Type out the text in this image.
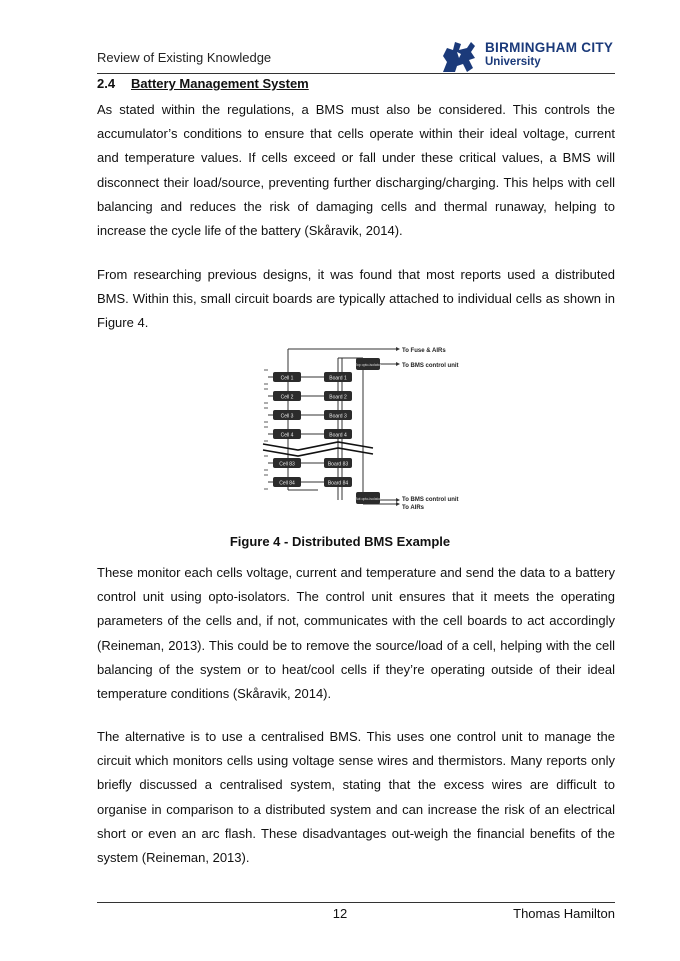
Review of Existing Knowledge
BIRMINGHAM CITY
University
2.4 Battery Management System

As stated within the regulations, a BMS must also be considered. This controls the accumulator’s conditions to ensure that cells operate within their ideal voltage, current and temperature values. If cells exceed or fall under these critical values, a BMS will disconnect their load/source, preventing further discharging/charging. This helps with cell balancing and reduces the risk of damaging cells and thermal runaway, helping to increase the cycle life of the battery (Skåravik, 2014).

From researching previous designs, it was found that most reports used a distributed BMS. Within this, small circuit boards are typically attached to individual cells as shown in Figure 4.

To Fuse & AIRs
To BMS control unit
To BMS control unit
To AIRs
Top opto-isolator
Bot opto-isolator
Cell 1	Board 1
Cell 2	Board 2
Cell 3	Board 3
Cell 4	Board 4
Cell 83	Board 83
Cell 84	Board 84
Figure 4 - Distributed BMS Example

These monitor each cells voltage, current and temperature and send the data to a battery control unit using opto-isolators. The control unit ensures that it meets the operating parameters of the cells and, if not, communicates with the cell boards to act accordingly (Reineman, 2013). This could be to remove the source/load of a cell, helping with the cell balancing of the system or to heat/cool cells if they’re operating outside of their ideal temperature conditions (Skåravik, 2014).

The alternative is to use a centralised BMS. This uses one control unit to manage the circuit which monitors cells using voltage sense wires and thermistors. Many reports only briefly discussed a centralised system, stating that the excess wires are difficult to organise in comparison to a distributed system and can increase the risk of an electrical short or even an arc flash. These disadvantages out-weigh the financial benefits of the system (Reineman, 2013).

12	Thomas Hamilton
